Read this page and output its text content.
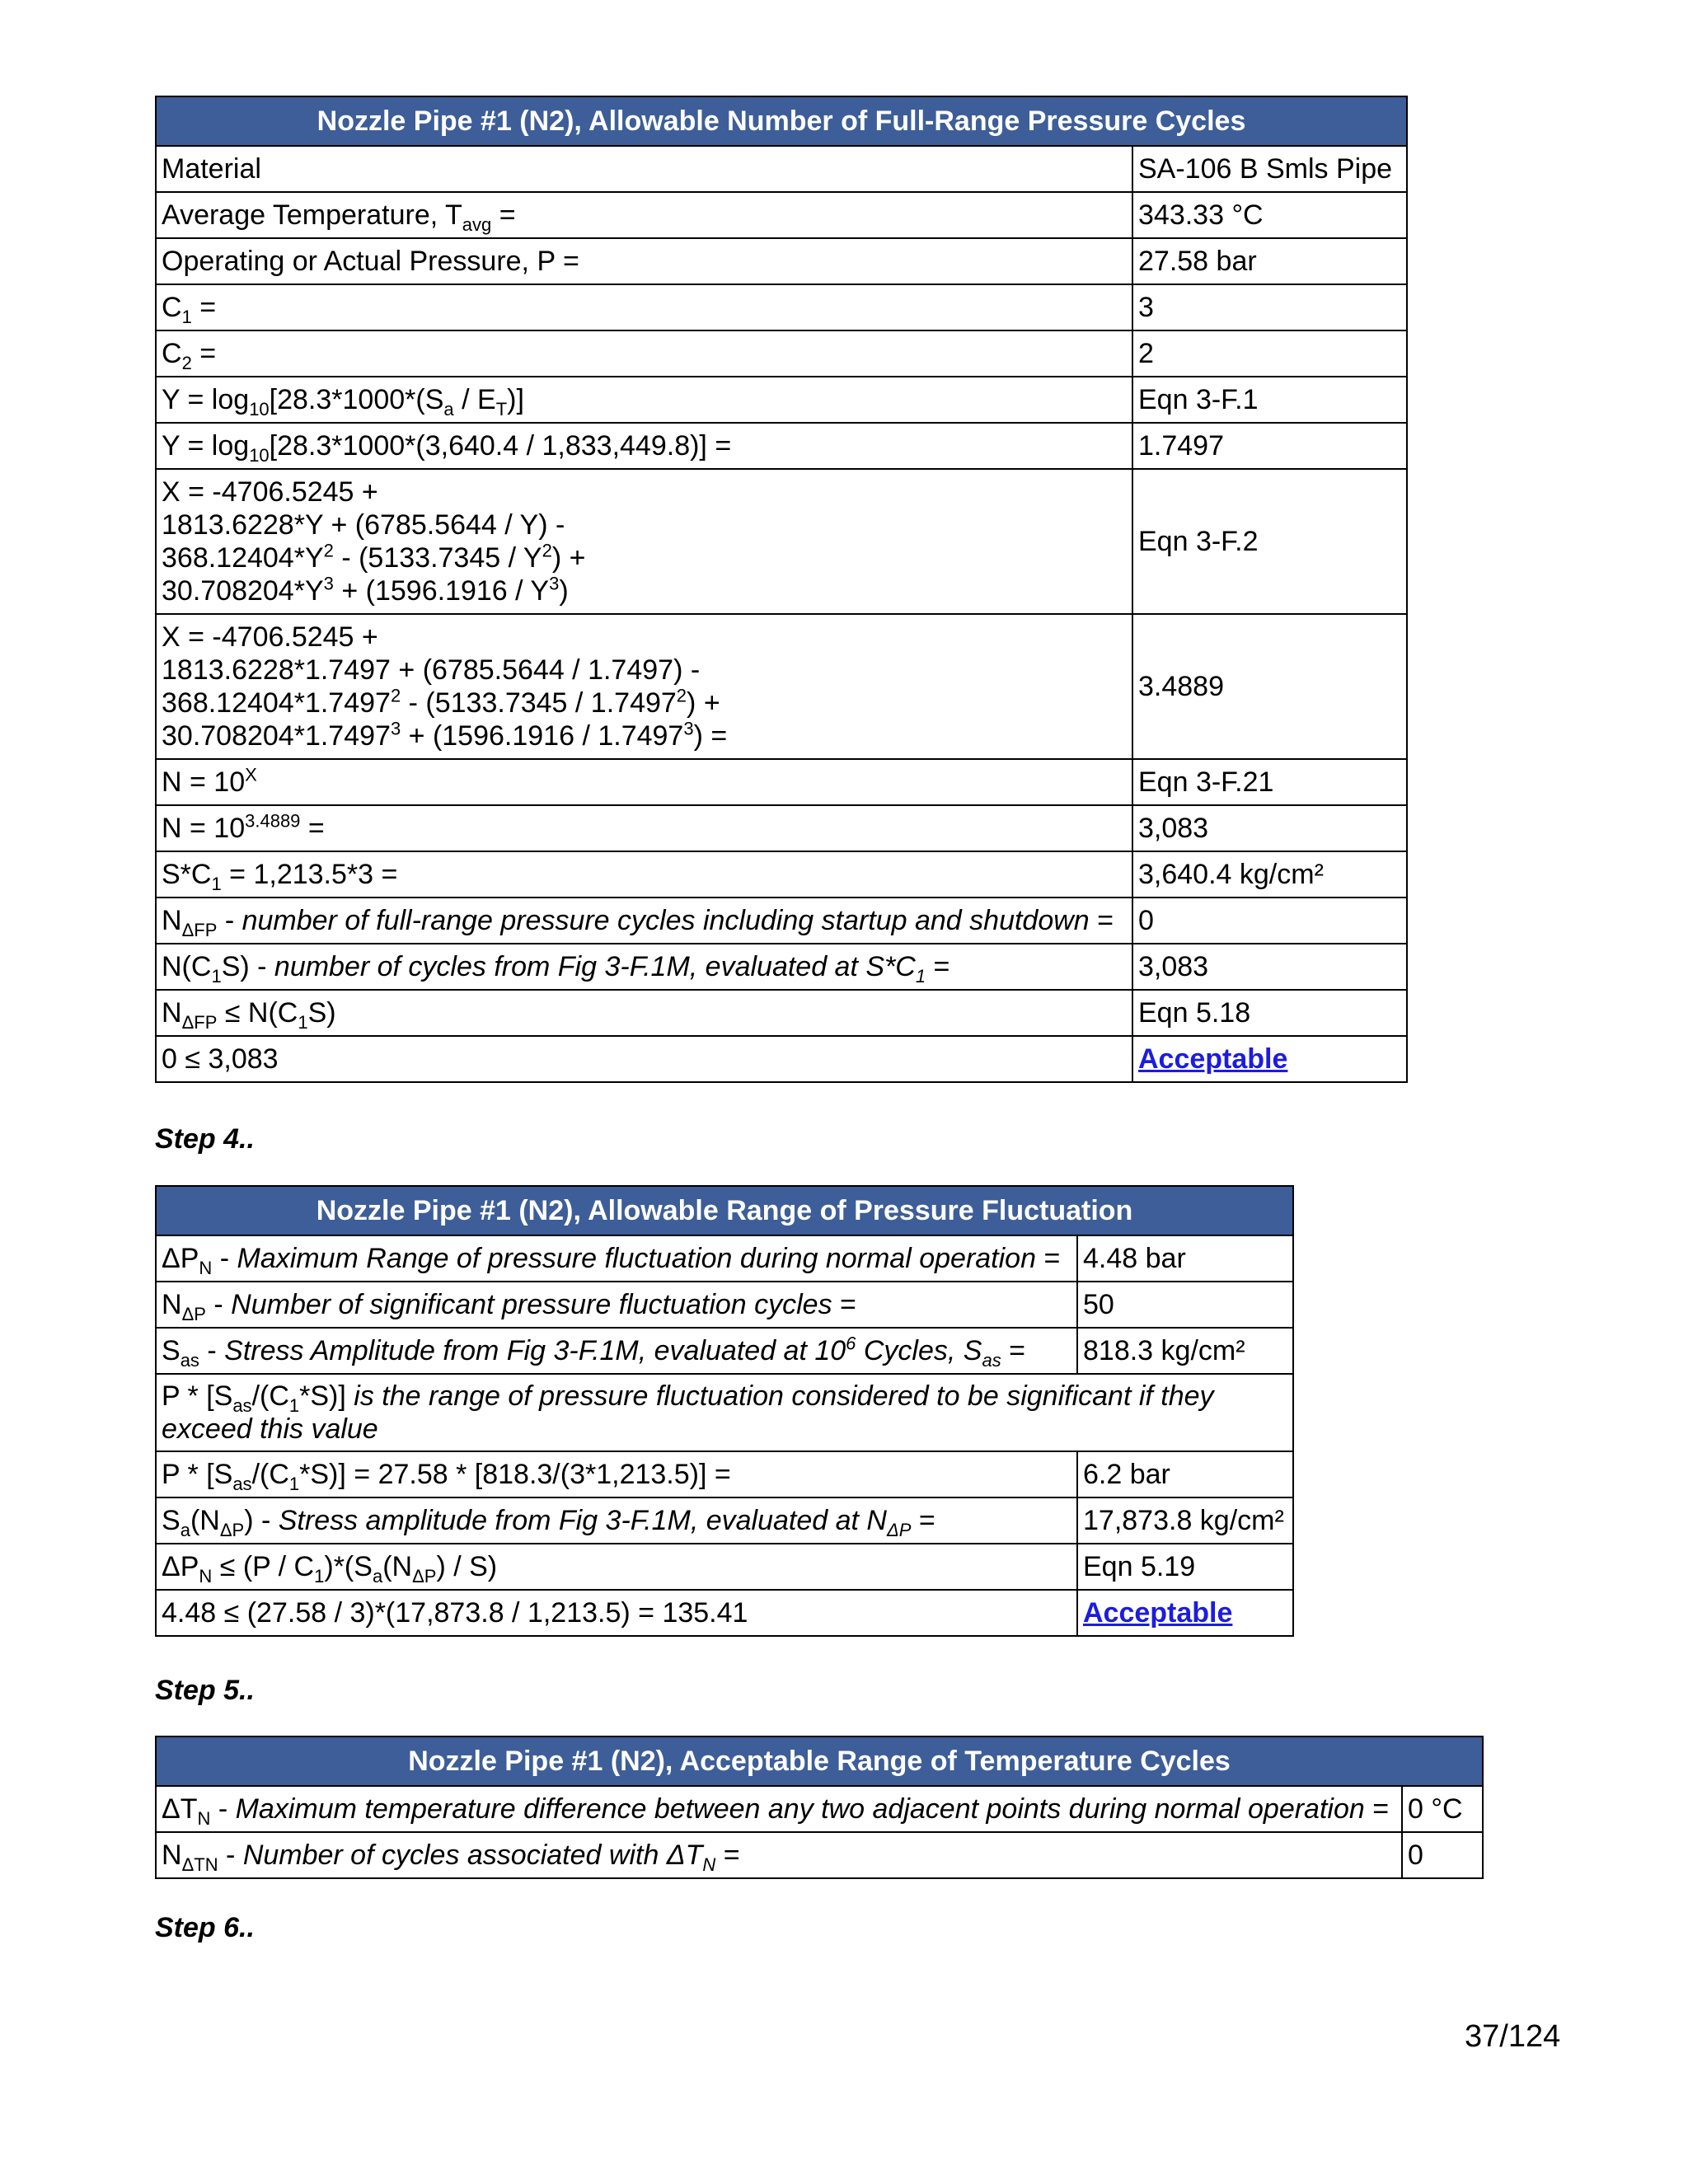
Nozzle Pipe #1 (N2), Allowable Number of Full-Range Pressure Cycles	
Material	SA-106 B Smls Pipe
Average Temperature, $T_{avg}$ =	343.33 °C
Operating or Actual Pressure, P =	27.58 bar
$C_1$ =	3
$C_2$ =	2
$Y = \log_{10}[28.3*1000*(S_a / E_T)]$	Eqn 3-F.1
$Y = \log_{10}[28.3*1000*(3,640.4 / 1,833,449.8)]$ =	1.7497

X = -4706.5245 +
1813.6228*Y + (6785.5644 / Y) -
$368.12404*Y^2 - (5133.7345 / Y^2)$ +
$30.708204*Y^3 + (1596.1916 / Y^3)$	Eqn 3-F.2

X = -4706.5245 +
1813.6228*1.7497 + (6785.5644 / 1.7497) -
$368.12404*1.7497^2 - (5133.7345 / 1.7497^2)$ +
$30.708204*1.7497^3 + (1596.1916 / 1.7497^3)$ =	3.4889
$N = 10^X$	Eqn 3-F.21
$N = 10^{3.4889}$ =	3,083
$S*C_1 = 1,213.5*3$ =	3,640.4 kg/cm²
$N_{\Delta FP}$ - number of full-range pressure cycles including startup and shutdown =	0
$N(C_1S)$ - number of cycles from Fig 3-F.1M, evaluated at $S*C_1$ =	3,083
$N_{\Delta FP} \le N(C_1S)$	Eqn 5.18
0 ≤ 3,083	Acceptable
Step 4..
Nozzle Pipe #1 (N2), Allowable Range of Pressure Fluctuation	
$\Delta P_N$ - Maximum Range of pressure fluctuation during normal operation =	4.48 bar
$N_{\Delta P}$ - Number of significant pressure fluctuation cycles =	50
$S_{as}$ - Stress Amplitude from Fig 3-F.1M, evaluated at $10^6$ Cycles, $S_{as}$ =	818.3 kg/cm²
P * $[S_{as}/(C_1*S)]$ is the range of pressure fluctuation considered to be significant if they exceed this value	
$P * [S_{as}/(C_1*S)] = 27.58 * [818.3/(3*1,213.5)]$ =	6.2 bar
$S_a(N_{\Delta P})$ - Stress amplitude from Fig 3-F.1M, evaluated at $N_{\Delta P}$ =	17,873.8 kg/cm²
$\Delta P_N \le (P / C_1)*(S_a(N_{\Delta P}) / S)$	Eqn 5.19
4.48 ≤ (27.58 / 3)*(17,873.8 / 1,213.5) = 135.41	Acceptable
Step 5..
Nozzle Pipe #1 (N2), Acceptable Range of Temperature Cycles	
$\Delta T_N$ - Maximum temperature difference between any two adjacent points during normal operation =	0 °C
$N_{\Delta TN}$ - Number of cycles associated with $\Delta T_N$ =	0
Step 6..
37/124
